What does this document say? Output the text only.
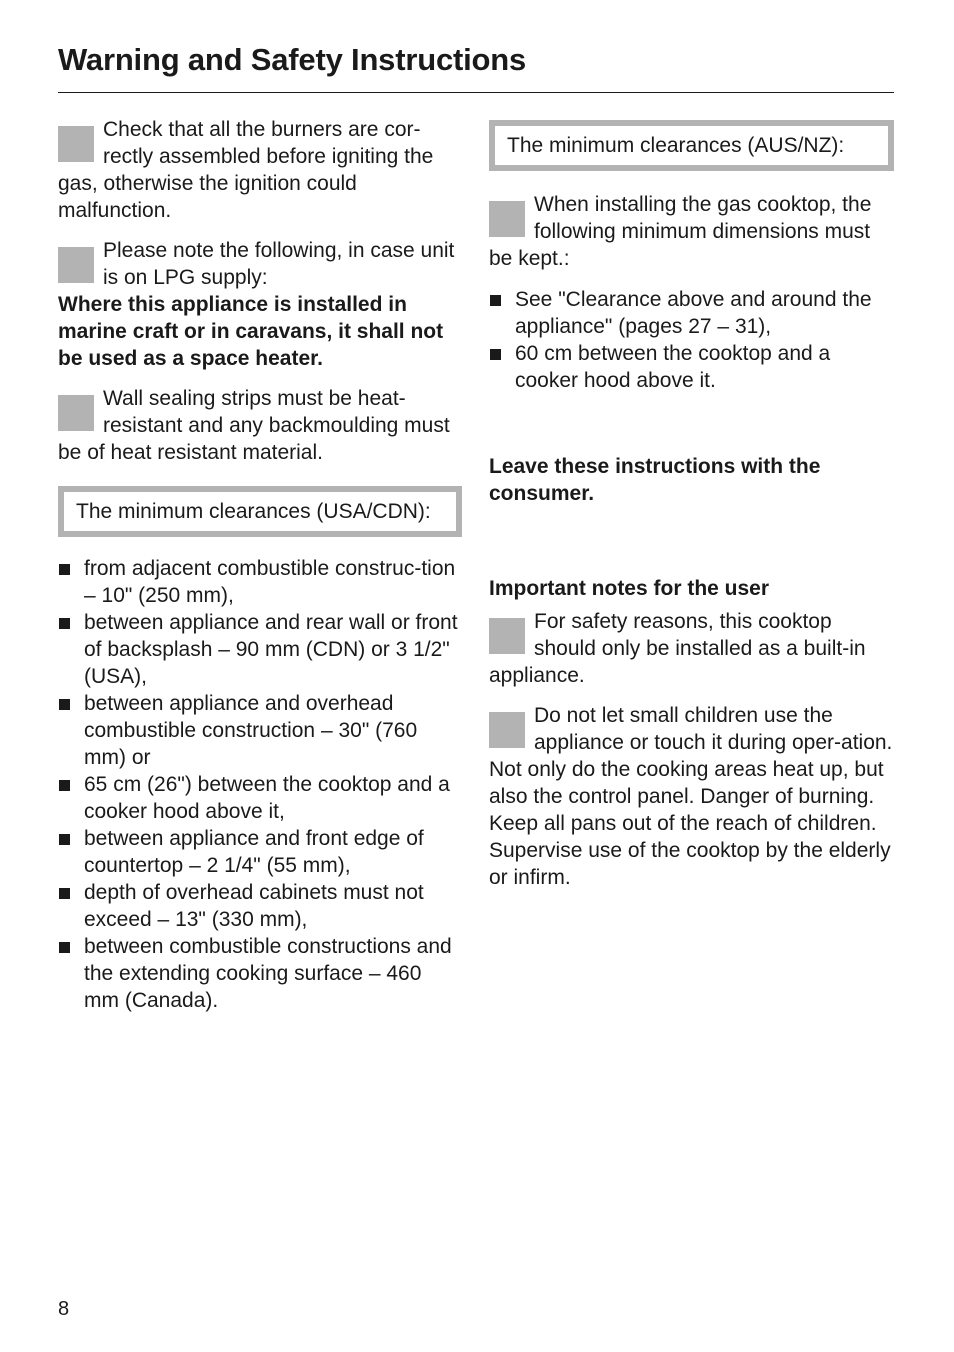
Warning and Safety Instructions

Check that all the burners are correctly assembled before igniting the gas, otherwise the ignition could malfunction.

Please note the following, in case unit is on LPG supply:

Where this appliance is installed in marine craft or in caravans, it shall not be used as a space heater.

Wall sealing strips must be heat-resistant and any backmoulding must be of heat resistant material.

The minimum clearances (USA/CDN):
from adjacent combustible construc-tion – 10" (250 mm),
between appliance and rear wall or front of backsplash – 90 mm (CDN) or 3 1/2" (USA),
between appliance and overhead combustible construction – 30" (760 mm) or
65 cm (26") between the cooktop and a cooker hood above it,
between appliance and front edge of countertop – 2 1/4" (55 mm),
depth of overhead cabinets must not exceed – 13" (330 mm),
between combustible constructions and the extending cooking surface – 460 mm (Canada).
The minimum clearances (AUS/NZ):

When installing the gas cooktop, the following minimum dimensions must be kept.:

See "Clearance above and around the appliance" (pages 27 – 31),
60 cm between the cooktop and a cooker hood above it.

Leave these instructions with the consumer.

Important notes for the user

For safety reasons, this cooktop should only be installed as a built-in appliance.

Do not let small children use the appliance or touch it during oper-ation. Not only do the cooking areas heat up, but also the control panel. Danger of burning. Keep all pans out of the reach of children. Supervise use of the cooktop by the elderly or infirm.

8
